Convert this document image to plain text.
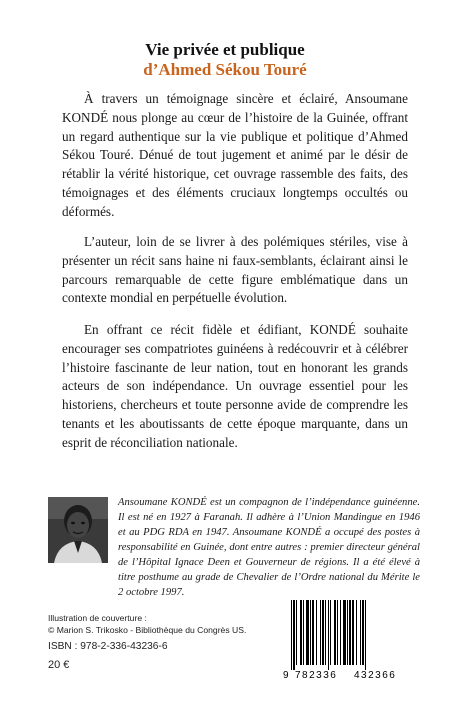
Vie privée et publique
d’Ahmed Sékou Touré

À travers un témoignage sincère et éclairé, Ansoumane KONDÉ nous plonge au cœur de l’histoire de la Guinée, offrant un regard authentique sur la vie publique et politique d’Ahmed Sékou Touré. Dénué de tout jugement et animé par le désir de rétablir la vérité historique, cet ouvrage rassemble des faits, des témoignages et des éléments cruciaux longtemps occultés ou déformés.

L’auteur, loin de se livrer à des polémiques stériles, vise à présenter un récit sans haine ni faux-semblants, éclairant ainsi le parcours remarquable de cette figure emblématique dans un contexte mondial en perpétuelle évolution.

En offrant ce récit fidèle et édifiant, KONDÉ souhaite encourager ses compatriotes guinéens à redécouvrir et à célébrer l’histoire fascinante de leur nation, tout en honorant les grands acteurs de son indépendance. Un ouvrage essentiel pour les historiens, chercheurs et toute personne avide de comprendre les tenants et les aboutissants de cette époque marquante, dans un esprit de réconciliation nationale.

Ansoumane KONDÉ est un compagnon de l’indépendance guinéenne. Il est né en 1927 à Faranah. Il adhère à l’Union Mandingue en 1946 et au PDG RDA en 1947. Ansoumane KONDÉ a occupé des postes à responsabilité en Guinée, dont entre autres : premier directeur général de l’Hôpital Ignace Deen et Gouverneur de régions. Il a été élevé à titre posthume au grade de Chevalier de l’Ordre national du Mérite le 2 octobre 1997.

Illustration de couverture :
© Marion S. Trikosko - Bibliothèque du Congrès US.
ISBN : 978-2-336-43236-6
20 €
9 782336 432366
